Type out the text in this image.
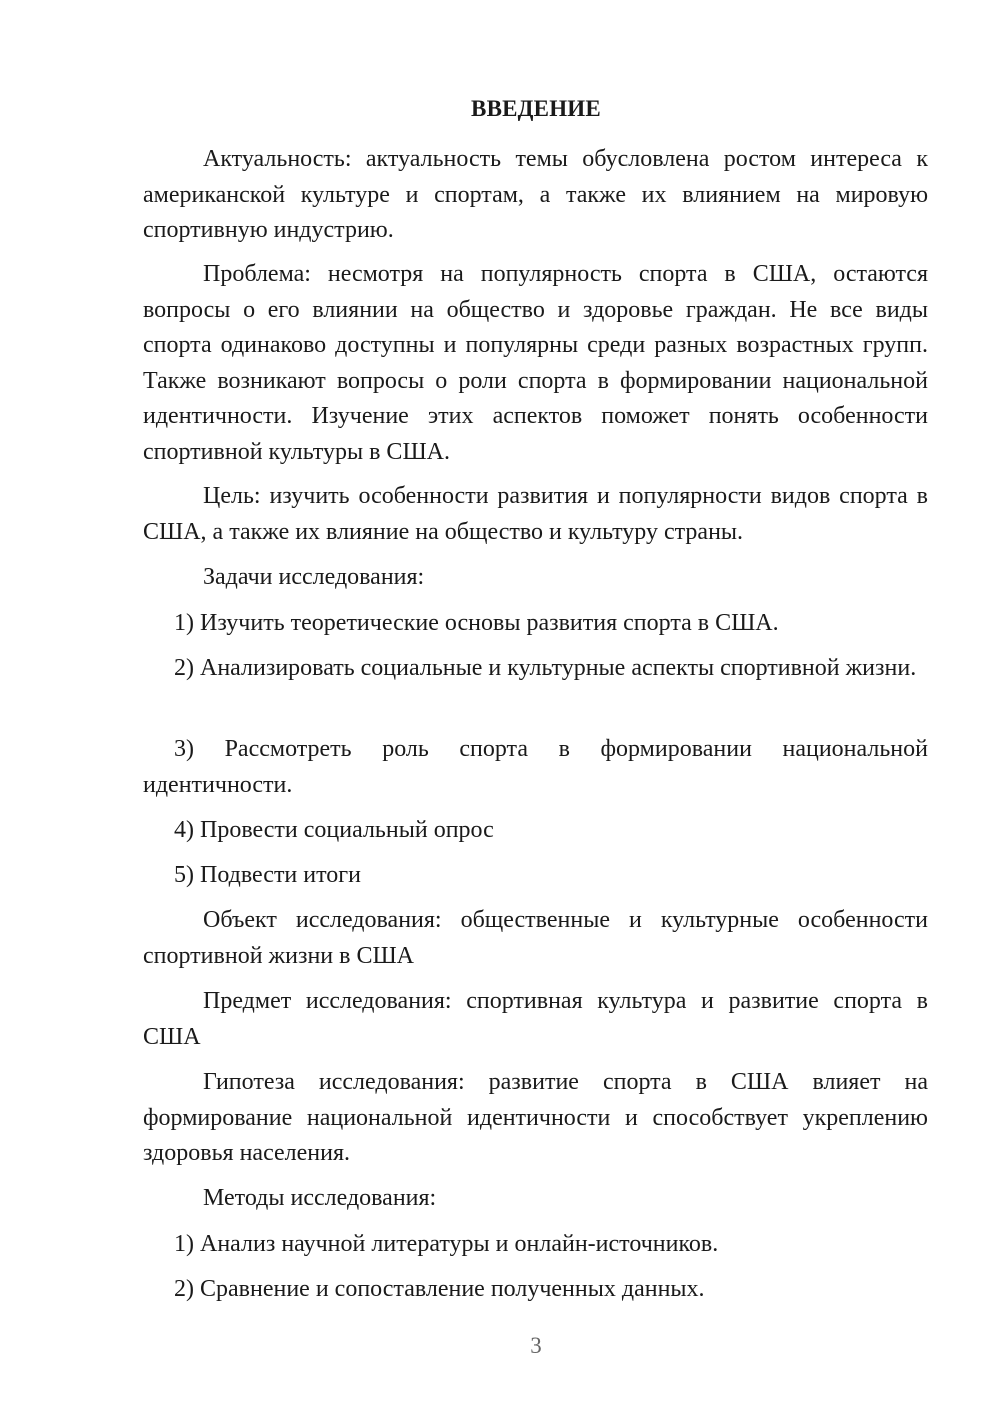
ВВЕДЕНИЕ

Актуальность: актуальность темы обусловлена ростом интереса к американской культуре и спортам, а также их влиянием на мировую спортивную индустрию.

Проблема: несмотря на популярность спорта в США, остаются вопросы о его влиянии на общество и здоровье граждан. Не все виды спорта одинаково доступны и популярны среди разных возрастных групп. Также возникают вопросы о роли спорта в формировании национальной идентичности. Изучение этих аспектов поможет понять особенности спортивной культуры в США.

Цель: изучить особенности развития и популярности видов спорта в США, а также их влияние на общество и культуру страны.

Задачи исследования:

1) Изучить теоретические основы развития спорта в США.

2) Анализировать социальные и культурные аспекты спортивной жизни.

3) Рассмотреть роль спорта в формировании национальной идентичности.

4) Провести социальный опрос

5) Подвести итоги

Объект исследования: общественные и культурные особенности спортивной жизни в США

Предмет исследования: спортивная культура и развитие спорта в США

Гипотеза исследования: развитие спорта в США влияет на формирование национальной идентичности и способствует укреплению здоровья населения.

Методы исследования:

1) Анализ научной литературы и онлайн-источников.

2) Сравнение и сопоставление полученных данных.

3
